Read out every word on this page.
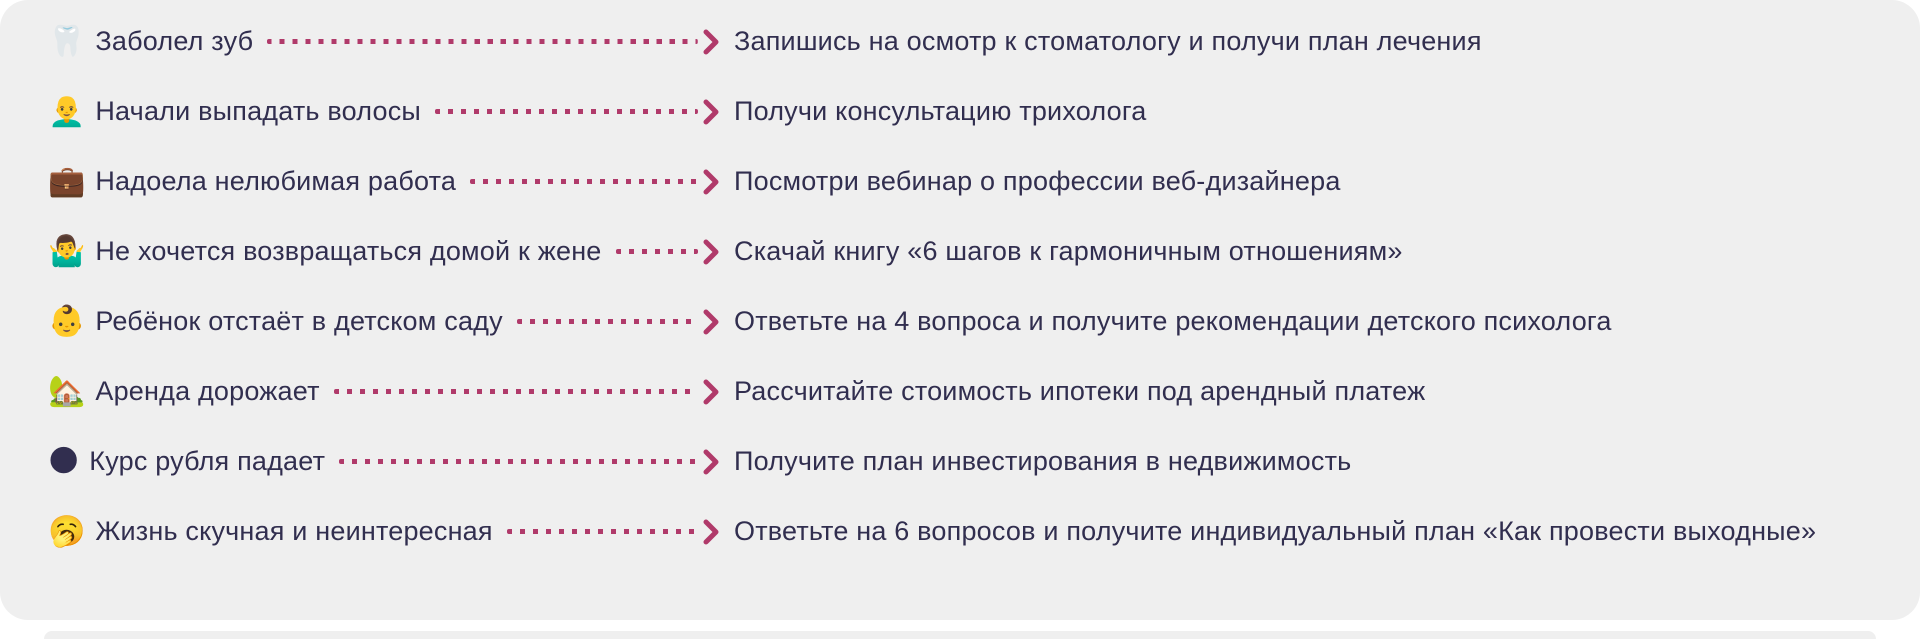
🦷 Заболел зуб	Запишись на осмотр к стоматологу и получи план лечения
👨‍🦲 Начали выпадать волосы	Получи консультацию трихолога
💼 Надоела нелюбимая работа	Посмотри вебинар о профессии веб-дизайнера
🤷‍♂️ Не хочется возвращаться домой к жене	Скачай книгу «6 шагов к гармоничным отношениям»
👶 Ребёнок отстаёт в детском саду	Ответьте на 4 вопроса и получите рекомендации детского психолога
🏡 Аренда дорожает	Рассчитайте стоимость ипотеки под арендный платеж
🌑 Курс рубля падает	Получите план инвестирования в недвижимость
🥱 Жизнь скучная и неинтересная	Ответьте на 6 вопросов и получите индивидуальный план «Как провести выходные»
